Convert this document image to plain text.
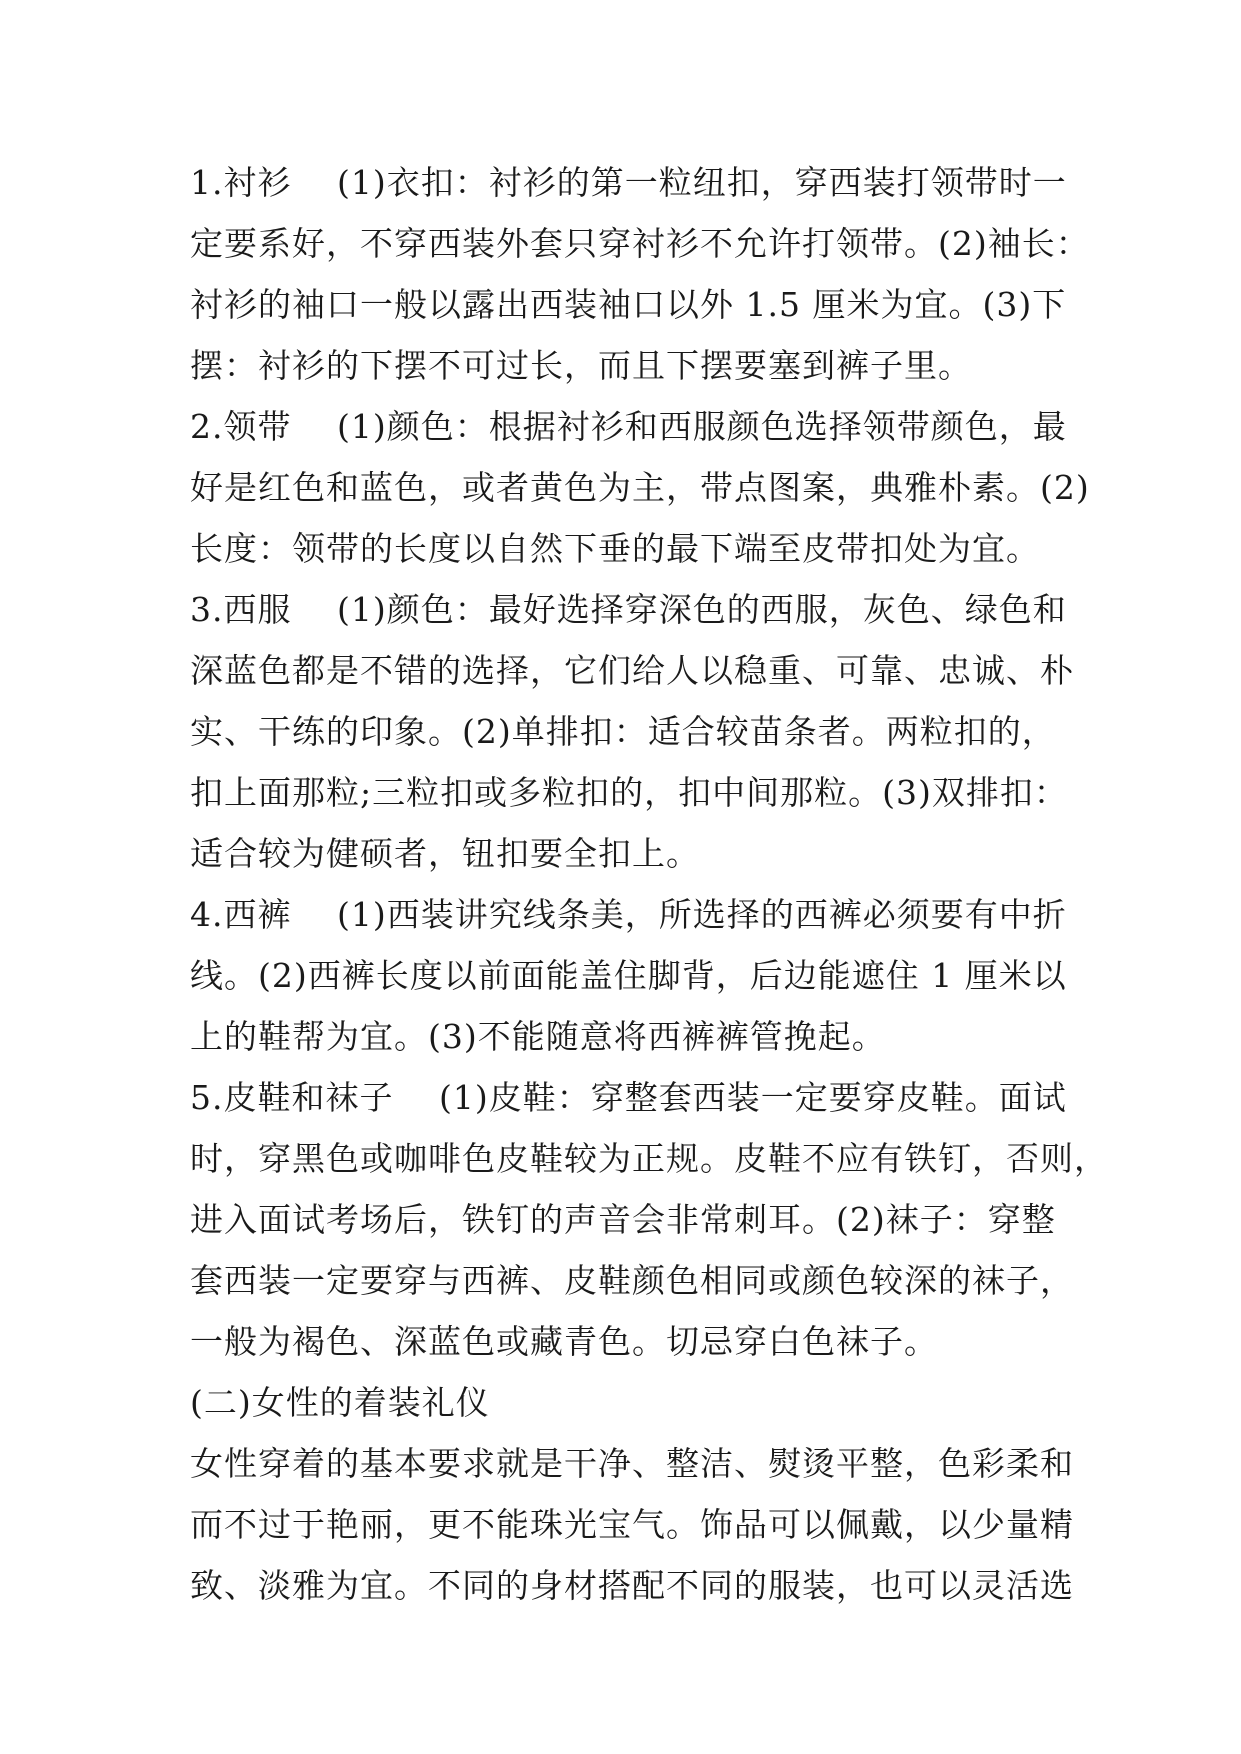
1.衬衫　 (1)衣扣：衬衫的第一粒纽扣，穿西装打领带时一
定要系好，不穿西装外套只穿衬衫不允许打领带。(2)袖长：
衬衫的袖口一般以露出西装袖口以外 1.5 厘米为宜。(3)下
摆：衬衫的下摆不可过长，而且下摆要塞到裤子里。
2.领带　 (1)颜色：根据衬衫和西服颜色选择领带颜色，最
好是红色和蓝色，或者黄色为主，带点图案，典雅朴素。(2)
长度：领带的长度以自然下垂的最下端至皮带扣处为宜。
3.西服　 (1)颜色：最好选择穿深色的西服，灰色、绿色和
深蓝色都是不错的选择，它们给人以稳重、可靠、忠诚、朴
实、干练的印象。(2)单排扣：适合较苗条者。两粒扣的，
扣上面那粒;三粒扣或多粒扣的，扣中间那粒。(3)双排扣：
适合较为健硕者，钮扣要全扣上。
4.西裤　 (1)西装讲究线条美，所选择的西裤必须要有中折
线。(2)西裤长度以前面能盖住脚背，后边能遮住 1 厘米以
上的鞋帮为宜。(3)不能随意将西裤裤管挽起。
5.皮鞋和袜子　 (1)皮鞋：穿整套西装一定要穿皮鞋。面试
时，穿黑色或咖啡色皮鞋较为正规。皮鞋不应有铁钉，否则，
进入面试考场后，铁钉的声音会非常刺耳。(2)袜子：穿整
套西装一定要穿与西裤、皮鞋颜色相同或颜色较深的袜子，
一般为褐色、深蓝色或藏青色。切忌穿白色袜子。
(二)女性的着装礼仪
女性穿着的基本要求就是干净、整洁、熨烫平整，色彩柔和
而不过于艳丽，更不能珠光宝气。饰品可以佩戴，以少量精
致、淡雅为宜。不同的身材搭配不同的服装，也可以灵活选
